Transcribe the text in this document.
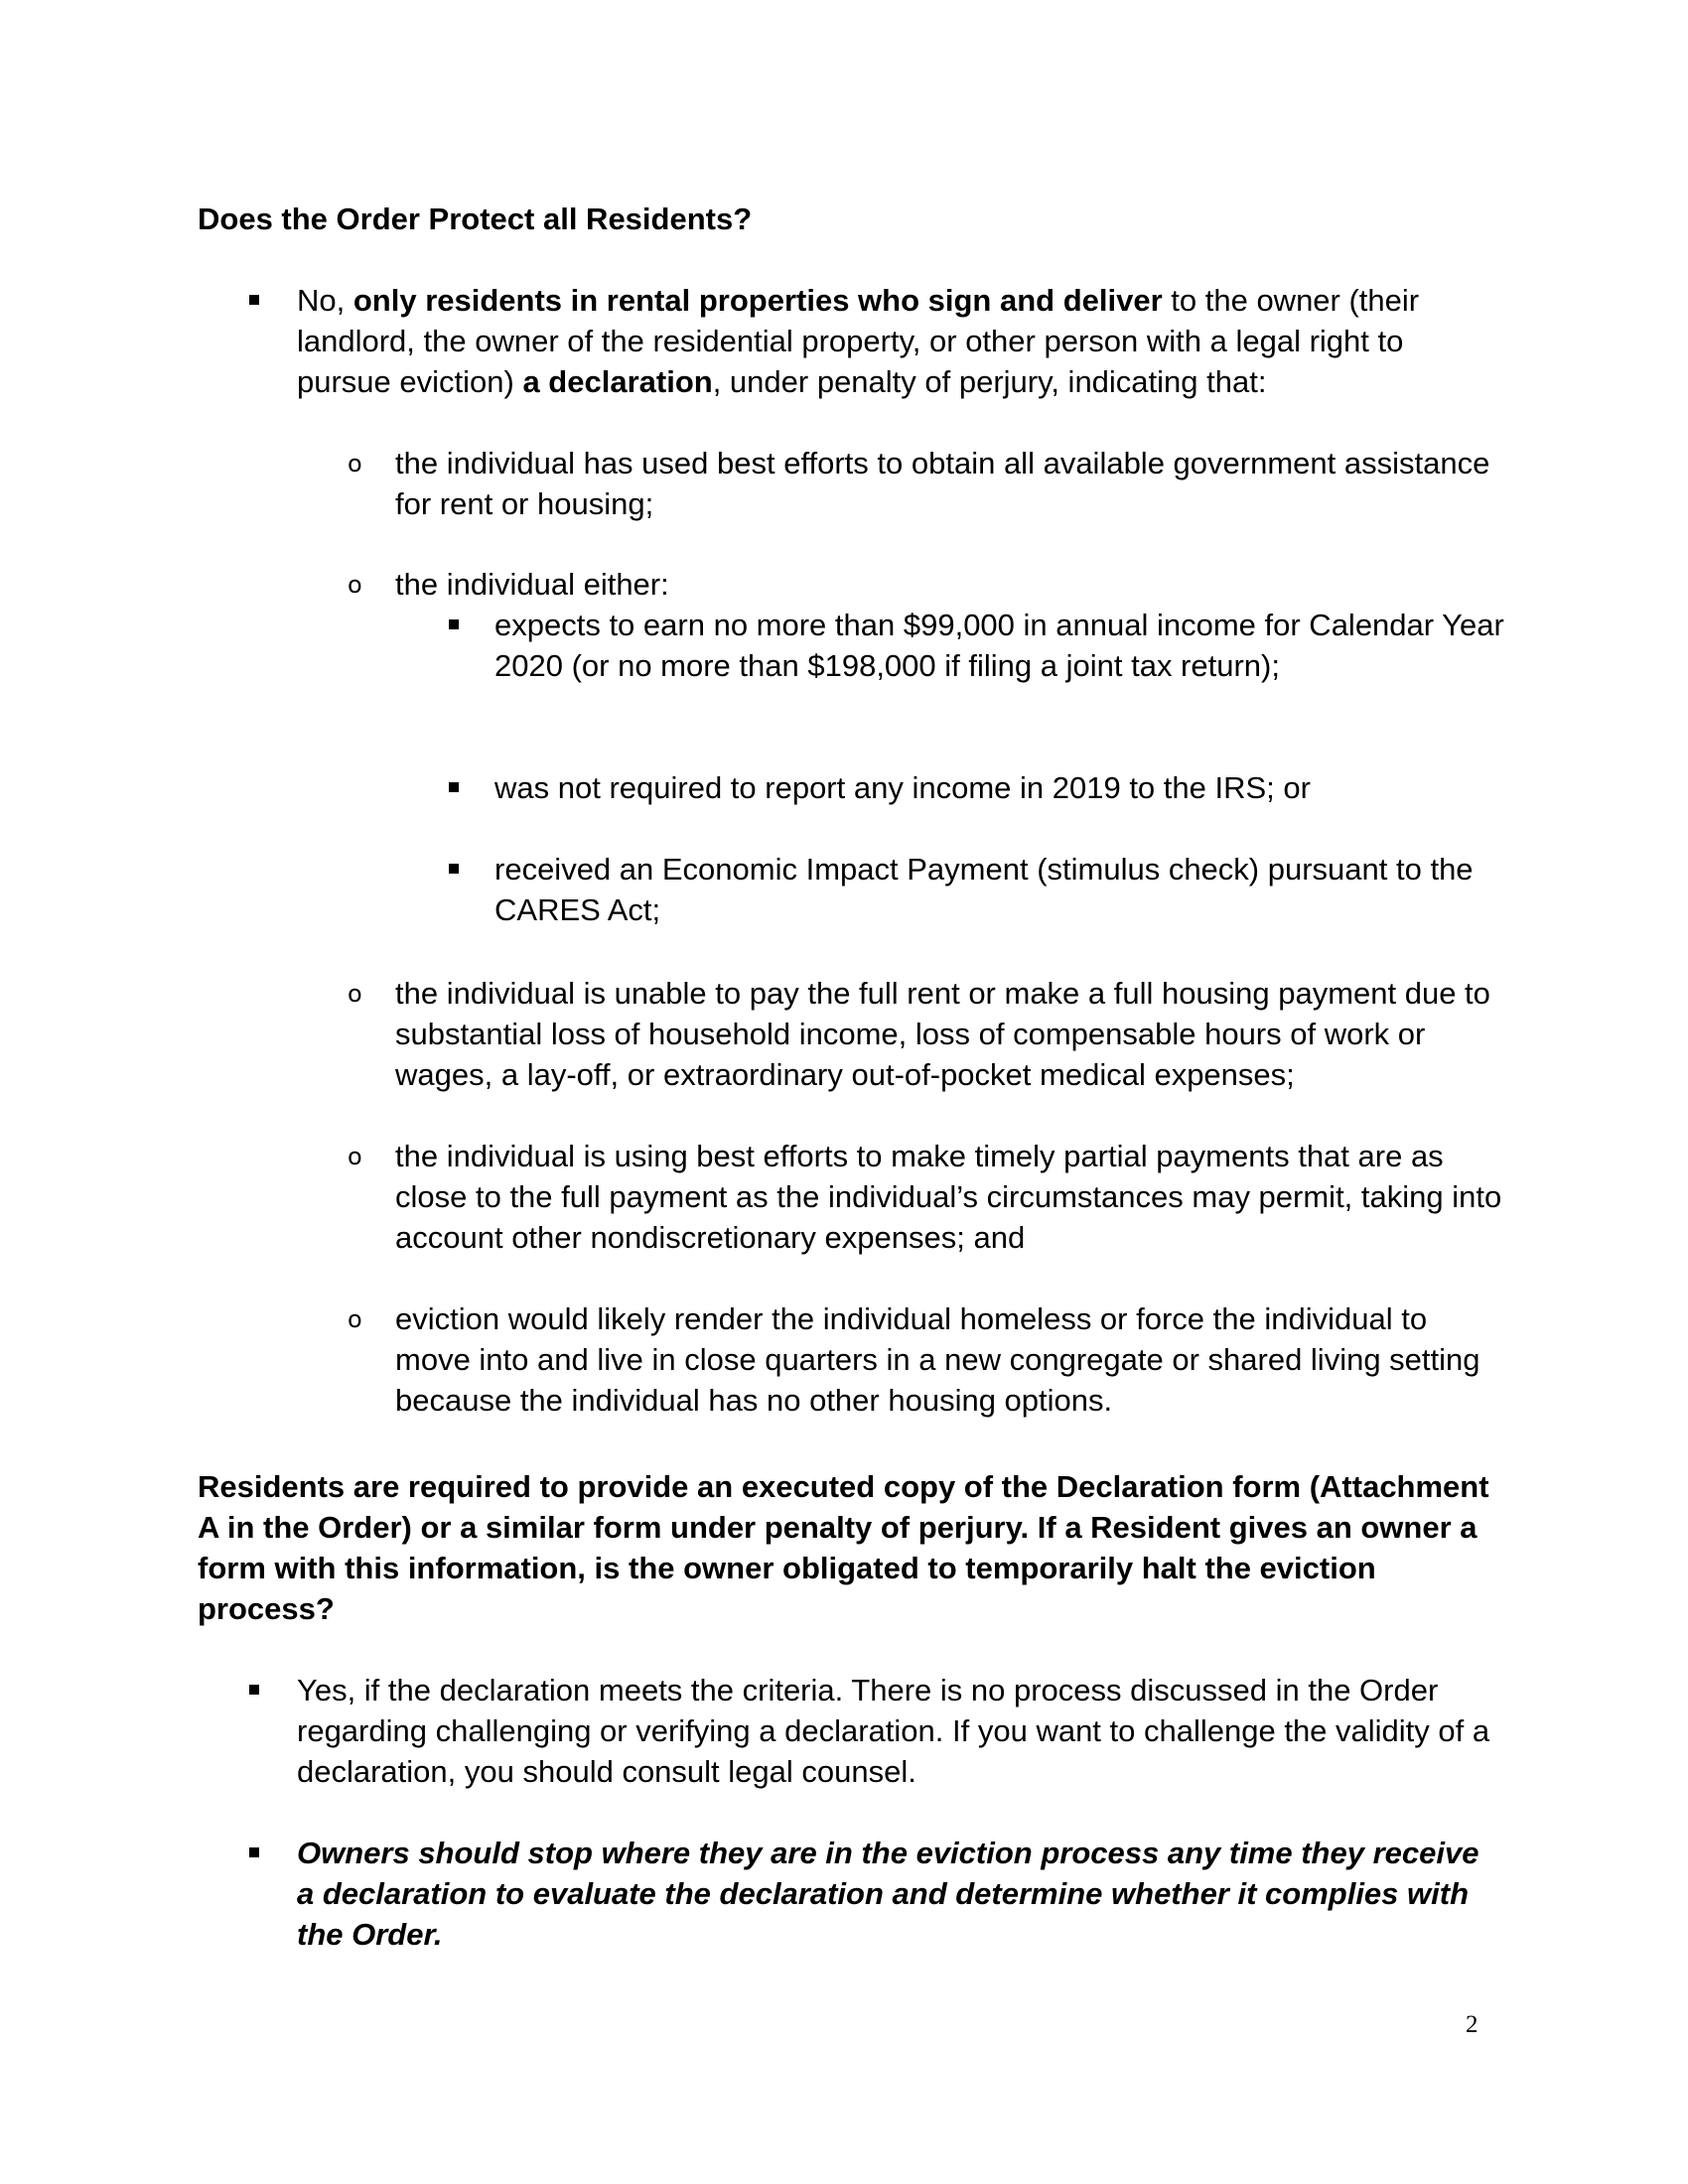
Does the Order Protect all Residents?
No, only residents in rental properties who sign and deliver to the owner (their landlord, the owner of the residential property, or other person with a legal right to pursue eviction) a declaration, under penalty of perjury, indicating that:
o the individual has used best efforts to obtain all available government assistance for rent or housing;
o the individual either:
expects to earn no more than $99,000 in annual income for Calendar Year 2020 (or no more than $198,000 if filing a joint tax return);
was not required to report any income in 2019 to the IRS; or
received an Economic Impact Payment (stimulus check) pursuant to the CARES Act;
o the individual is unable to pay the full rent or make a full housing payment due to substantial loss of household income, loss of compensable hours of work or wages, a lay-off, or extraordinary out-of-pocket medical expenses;
o the individual is using best efforts to make timely partial payments that are as close to the full payment as the individual’s circumstances may permit, taking into account other nondiscretionary expenses; and
o eviction would likely render the individual homeless or force the individual to move into and live in close quarters in a new congregate or shared living setting because the individual has no other housing options.
Residents are required to provide an executed copy of the Declaration form (Attachment A in the Order) or a similar form under penalty of perjury. If a Resident gives an owner a form with this information, is the owner obligated to temporarily halt the eviction process?
Yes, if the declaration meets the criteria. There is no process discussed in the Order regarding challenging or verifying a declaration. If you want to challenge the validity of a declaration, you should consult legal counsel.
Owners should stop where they are in the eviction process any time they receive a declaration to evaluate the declaration and determine whether it complies with the Order.
2
